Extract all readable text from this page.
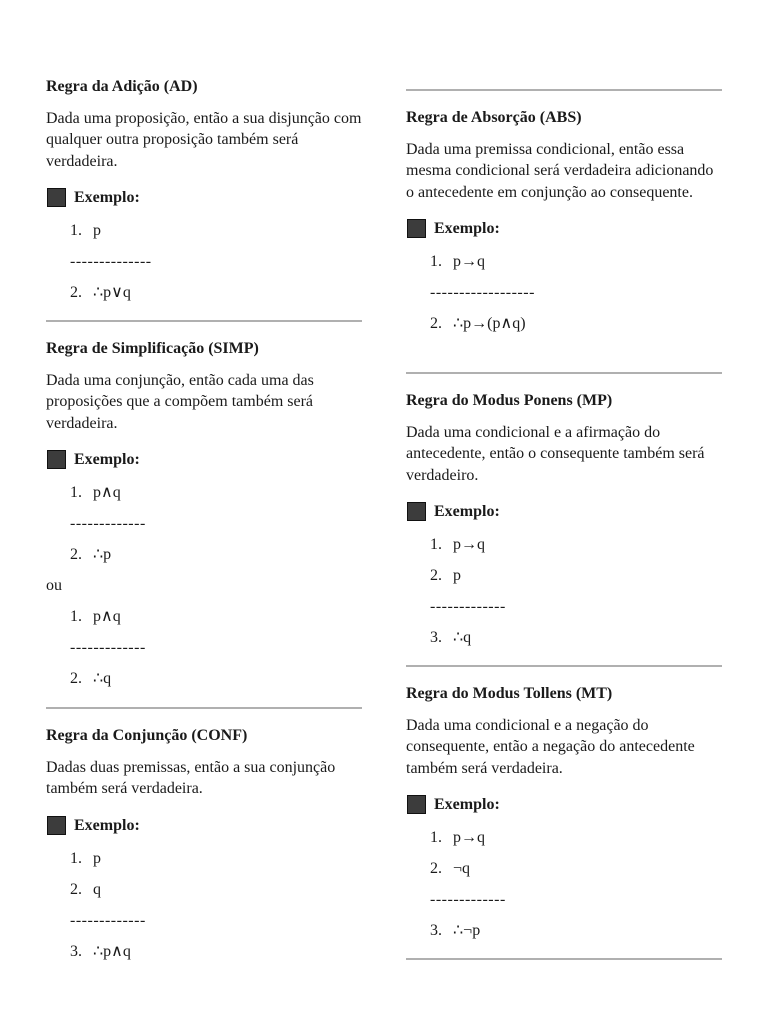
Regra da Adição (AD)

Dada uma proposição, então a sua disjunção com qualquer outra proposição também será verdadeira.

Exemplo:
1. p
--------------
2. ∴p∨q
Regra de Simplificação (SIMP)

Dada uma conjunção, então cada uma das proposições que a compõem também será verdadeira.

Exemplo:
1. p∧q
-------------
2. ∴p
ou
1. p∧q
-------------
2. ∴q
Regra da Conjunção (CONF)

Dadas duas premissas, então a sua conjunção também será verdadeira.

Exemplo:
1. p
2. q
-------------
3. ∴p∧q
Regra de Absorção (ABS)

Dada uma premissa condicional, então essa mesma condicional será verdadeira adicionando o antecedente em conjunção ao consequente.

Exemplo:
1. p→q
------------------
2. ∴p→(p∧q)
Regra do Modus Ponens (MP)

Dada uma condicional e a afirmação do antecedente, então o consequente também será verdadeiro.

Exemplo:
1. p→q
2. p
-------------
3. ∴q
Regra do Modus Tollens (MT)

Dada uma condicional e a negação do consequente, então a negação do antecedente também será verdadeira.

Exemplo:
1. p→q
2. ¬q
-------------
3. ∴¬p
